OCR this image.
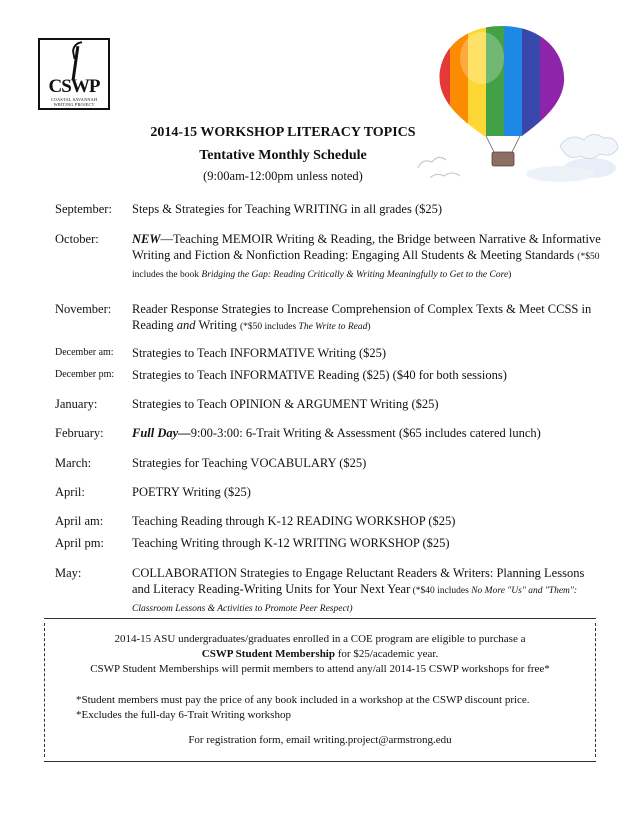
CSWP
COASTAL SAVANNAH
WRITING PROJECT
2014-15 WORKSHOP LITERACY TOPICS
Tentative Monthly Schedule
(9:00am-12:00pm unless noted)
September: Steps & Strategies for Teaching WRITING in all grades ($25)
October:	NEW—Teaching MEMOIR Writing & Reading, the Bridge between Narrative & Informative Writing and Fiction & Nonfiction Reading: Engaging All Students & Meeting Standards (*$50 includes the book Bridging the Gap: Reading Critically & Writing Meaningfully to Get to the Core)
November: Reader Response Strategies to Increase Comprehension of Complex Texts & Meet CCSS in Reading and Writing (*$50 includes The Write to Read)
December am: Strategies to Teach INFORMATIVE Writing ($25)
December pm: Strategies to Teach INFORMATIVE Reading ($25) ($40 for both sessions)
January:	Strategies to Teach OPINION & ARGUMENT Writing ($25)
February: Full Day—9:00-3:00: 6-Trait Writing & Assessment ($65 includes catered lunch)
March:	Strategies for Teaching VOCABULARY ($25)
April:	POETRY Writing ($25)
April am: Teaching Reading through K-12 READING WORKSHOP ($25)
April pm: Teaching Writing through K-12 WRITING WORKSHOP ($25)
May:	COLLABORATION Strategies to Engage Reluctant Readers & Writers: Planning Lessons and Literacy Reading-Writing Units for Your Next Year (*$40 includes No More "Us" and "Them": Classroom Lessons & Activities to Promote Peer Respect)
2014-15 ASU undergraduates/graduates enrolled in a COE program are eligible to purchase a
CSWP Student Membership for $25/academic year.
CSWP Student Memberships will permit members to attend any/all 2014-15 CSWP workshops for free*
*Student members must pay the price of any book included in a workshop at the CSWP discount price.
*Excludes the full-day 6-Trait Writing workshop
For registration form, email writing.project@armstrong.edu
